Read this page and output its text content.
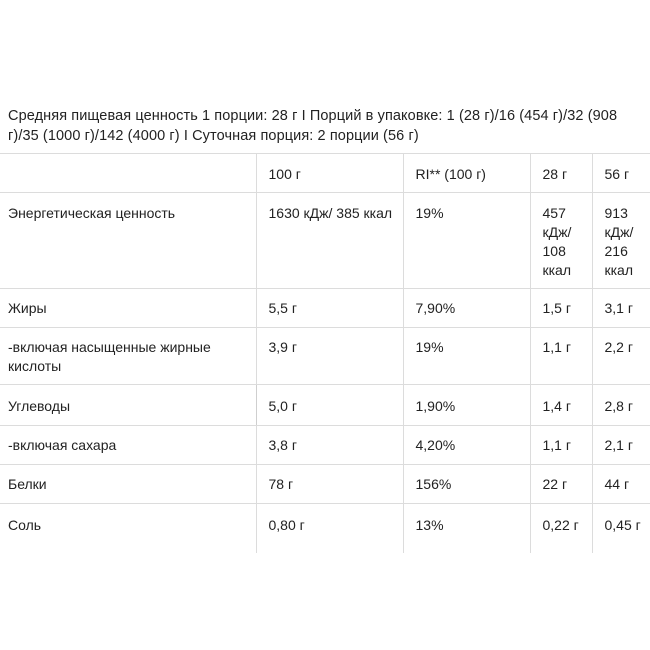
Средняя пищевая ценность 1 порции: 28 г I Порций в упаковке: 1 (28 г)/16 (454 г)/32 (908 г)/35 (1000 г)/142 (4000 г) I Суточная порция: 2 порции (56 г)
	100 г	RI** (100 г)	28 г	56 г
Энергетическая ценность	1630 кДж/ 385 ккал	19%	457 кДж/ 108 ккал	913 кДж/ 216 ккал
Жиры	5,5 г	7,90%	1,5 г	3,1 г
-включая насыщенные жирные кислоты	3,9 г	19%	1,1 г	2,2 г
Углеводы	5,0 г	1,90%	1,4 г	2,8 г
-включая сахара	3,8 г	4,20%	1,1 г	2,1 г
Белки	78 г	156%	22 г	44 г
Соль	0,80 г	13%	0,22 г	0,45 г
